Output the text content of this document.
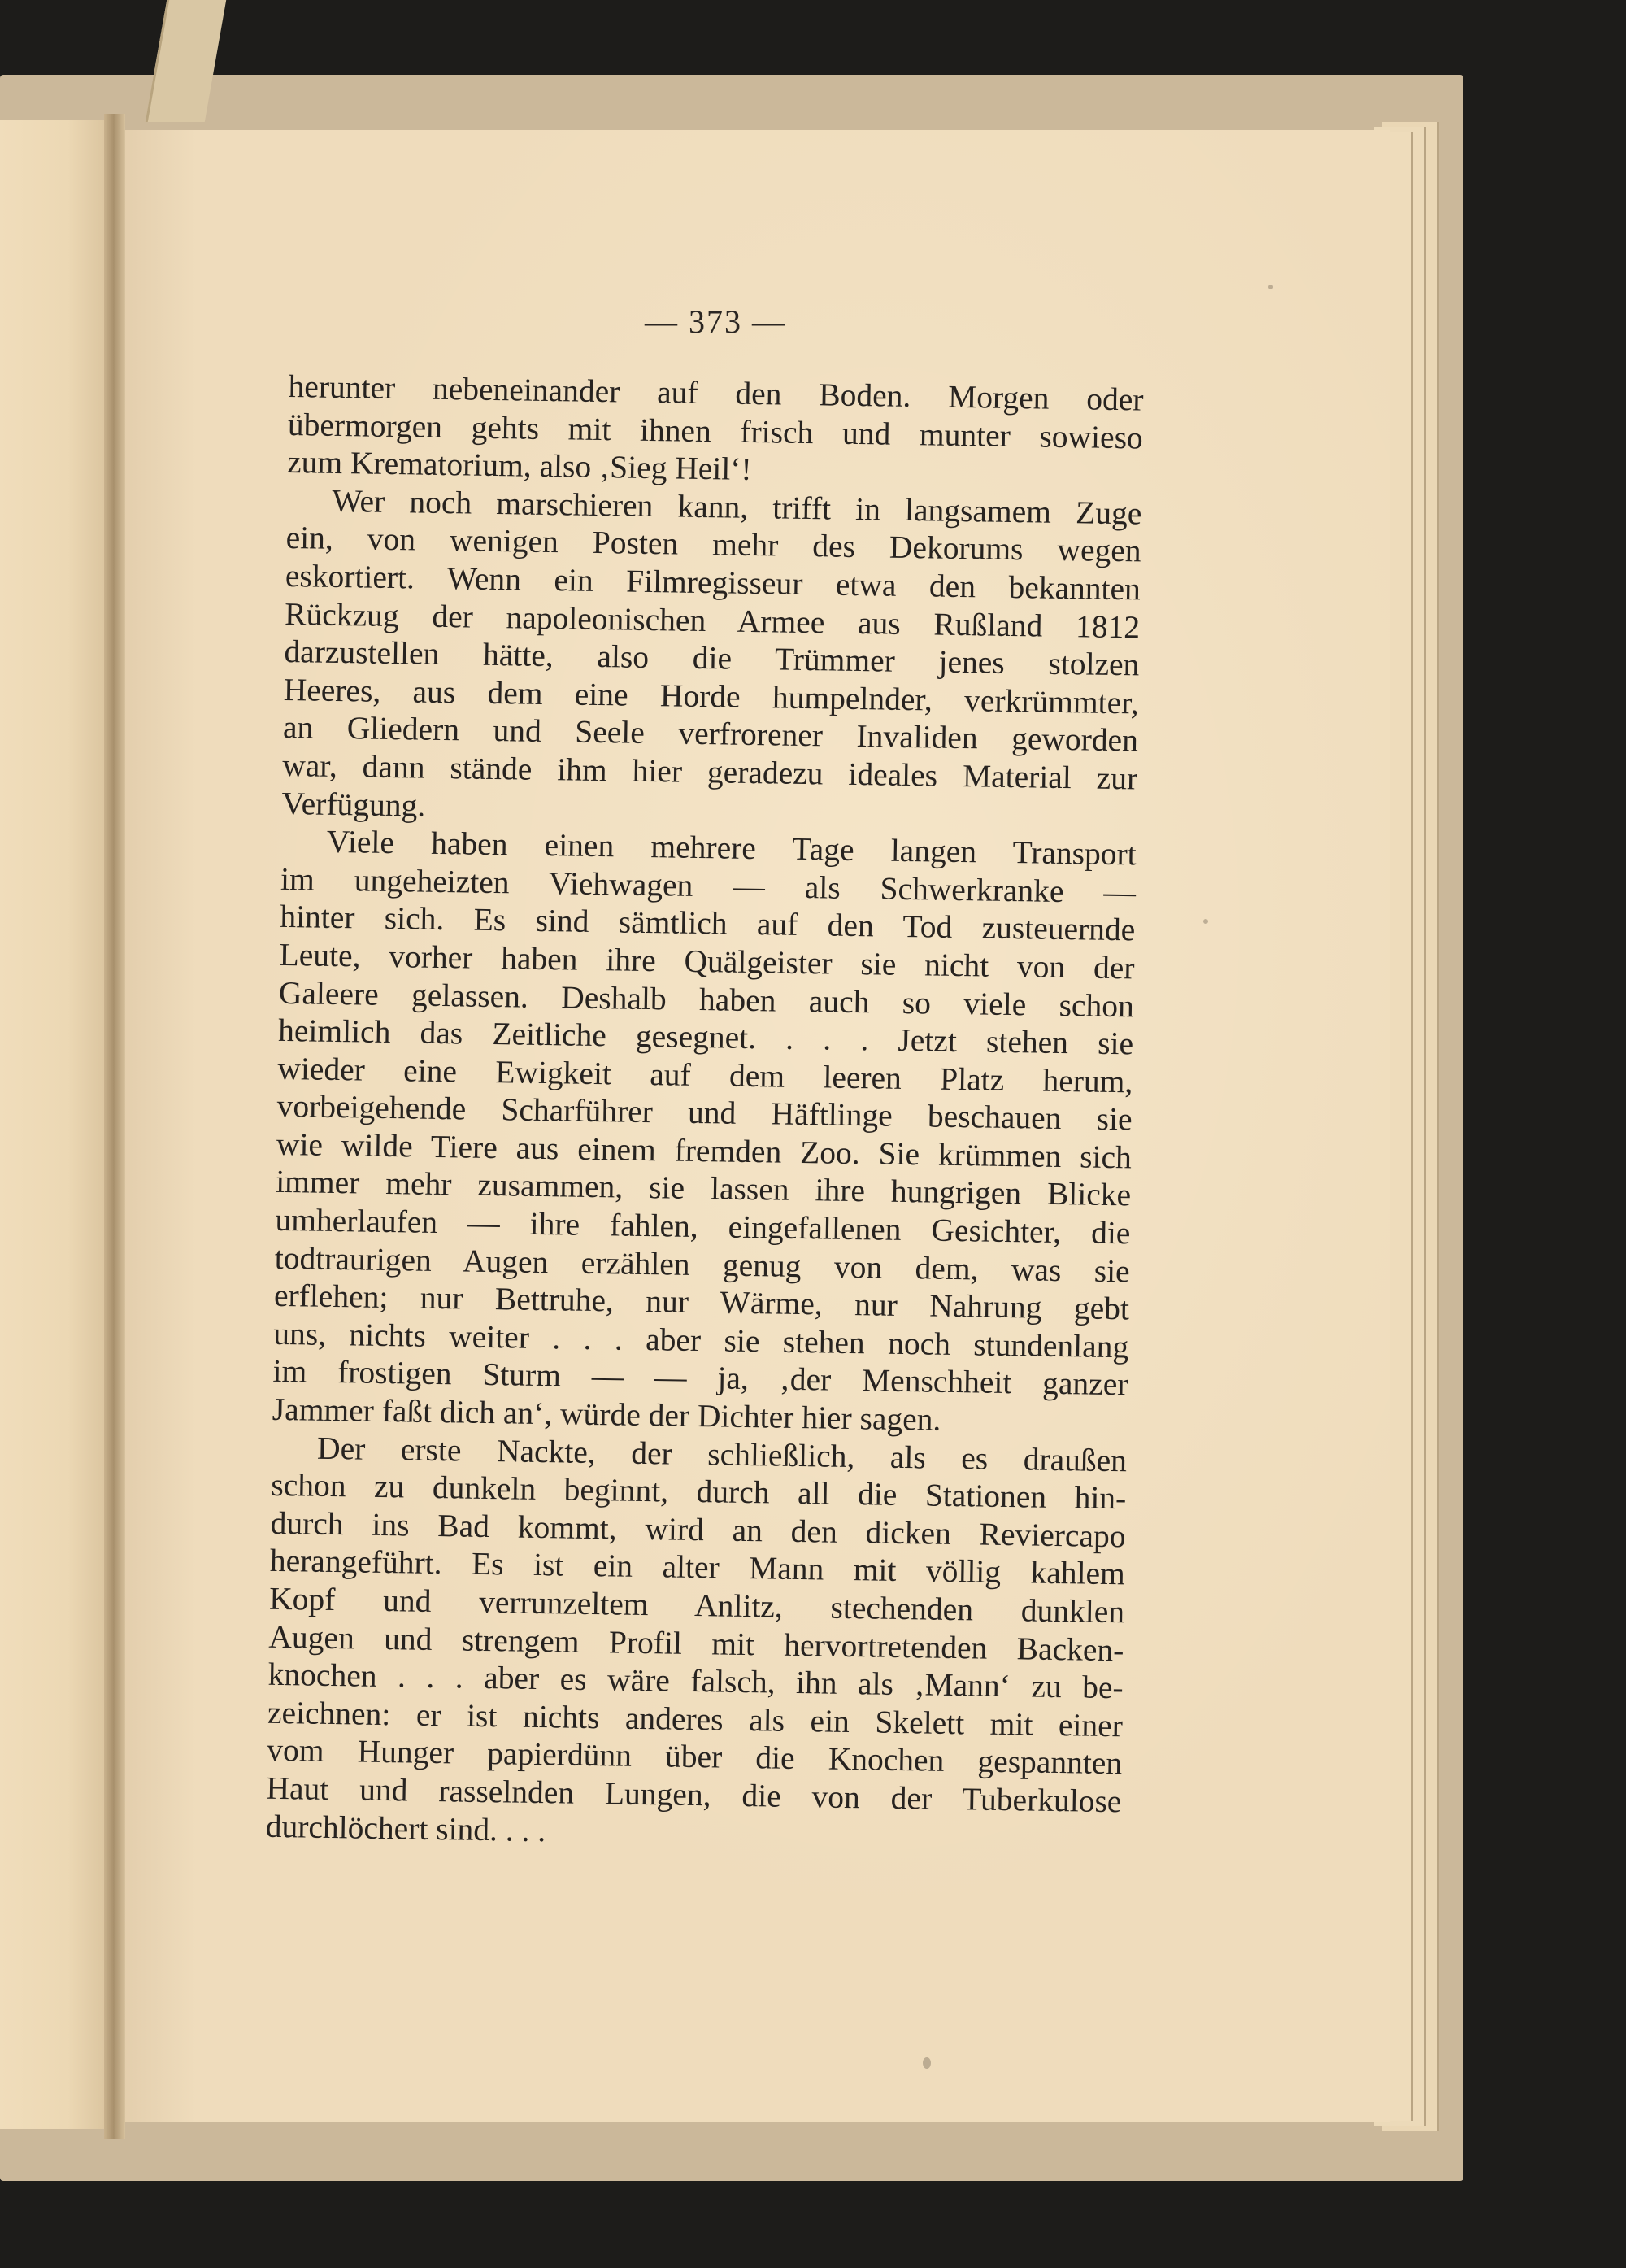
— 373 —

herunter nebeneinander auf den Boden. Morgen oder
übermorgen gehts mit ihnen frisch und munter sowieso
zum Krematorium, also ‚Sieg Heil‘!

Wer noch marschieren kann, trifft in langsamem Zuge
ein, von wenigen Posten mehr des Dekorums wegen
eskortiert. Wenn ein Filmregisseur etwa den bekannten
Rückzug der napoleonischen Armee aus Rußland 1812
darzustellen hätte, also die Trümmer jenes stolzen
Heeres, aus dem eine Horde humpelnder, verkrümmter,
an Gliedern und Seele verfrorener Invaliden geworden
war, dann stände ihm hier geradezu ideales Material zur
Verfügung.

Viele haben einen mehrere Tage langen Transport
im ungeheizten Viehwagen — als Schwerkranke —
hinter sich. Es sind sämtlich auf den Tod zusteuernde
Leute, vorher haben ihre Quälgeister sie nicht von der
Galeere gelassen. Deshalb haben auch so viele schon
heimlich das Zeitliche gesegnet. . . . Jetzt stehen sie
wieder eine Ewigkeit auf dem leeren Platz herum,
vorbeigehende Scharführer und Häftlinge beschauen sie
wie wilde Tiere aus einem fremden Zoo. Sie krümmen sich
immer mehr zusammen, sie lassen ihre hungrigen Blicke
umherlaufen — ihre fahlen, eingefallenen Gesichter, die
todtraurigen Augen erzählen genug von dem, was sie
erflehen; nur Bettruhe, nur Wärme, nur Nahrung gebt
uns, nichts weiter . . . aber sie stehen noch stundenlang
im frostigen Sturm — — ja, ‚der Menschheit ganzer
Jammer faßt dich an‘, würde der Dichter hier sagen.

Der erste Nackte, der schließlich, als es draußen
schon zu dunkeln beginnt, durch all die Stationen hin-
durch ins Bad kommt, wird an den dicken Reviercapo
herangeführt. Es ist ein alter Mann mit völlig kahlem
Kopf und verrunzeltem Anlitz, stechenden dunklen
Augen und strengem Profil mit hervortretenden Backen-
knochen . . . aber es wäre falsch, ihn als ‚Mann‘ zu be-
zeichnen: er ist nichts anderes als ein Skelett mit einer
vom Hunger papierdünn über die Knochen gespannten
Haut und rasselnden Lungen, die von der Tuberkulose
durchlöchert sind. . . .
